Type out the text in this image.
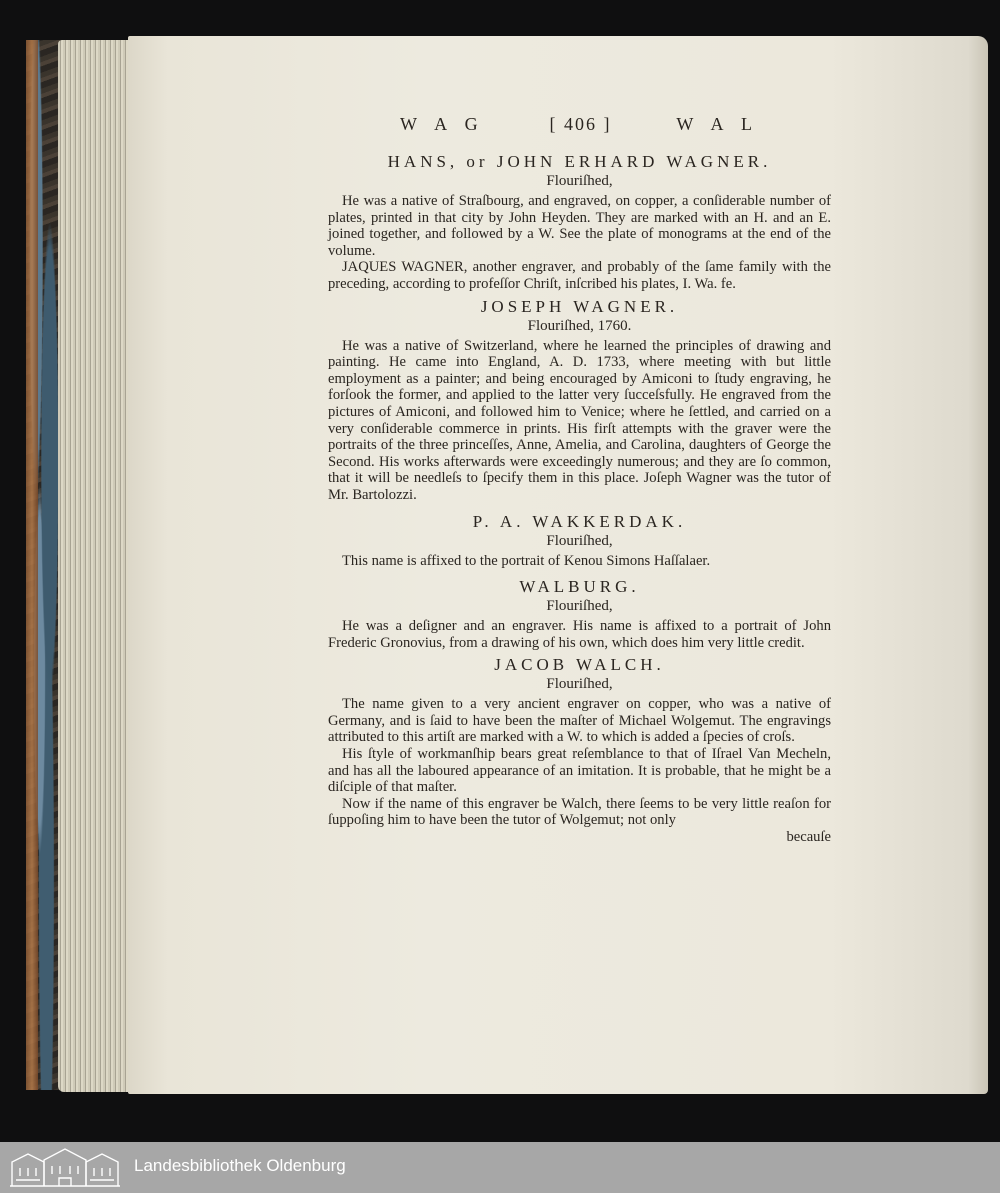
W A G	[ 406 ]	W A L
HANS, or JOHN ERHARD WAGNER.
Flouriſhed,

He was a native of Straſbourg, and engraved, on copper, a conſiderable number of plates, printed in that city by John Heyden. They are marked with an H. and an E. joined together, and followed by a W. See the plate of monograms at the end of the volume.

JAQUES WAGNER, another engraver, and probably of the ſame family with the preceding, according to profeſſor Chriſt, inſcribed his plates, I. Wa. fe.

JOSEPH WAGNER.
Flouriſhed, 1760.

He was a native of Switzerland, where he learned the principles of drawing and painting. He came into England, A. D. 1733, where meeting with but little employment as a painter; and being encouraged by Amiconi to ſtudy engraving, he forſook the former, and applied to the latter very ſucceſsfully. He engraved from the pictures of Amiconi, and followed him to Venice; where he ſettled, and carried on a very conſiderable commerce in prints. His firſt attempts with the graver were the portraits of the three princeſſes, Anne, Amelia, and Carolina, daughters of George the Second. His works afterwards were exceedingly numerous; and they are ſo common, that it will be needleſs to ſpecify them in this place. Joſeph Wagner was the tutor of Mr. Bartolozzi.

P. A. WAKKERDAK.
Flouriſhed,

This name is affixed to the portrait of Kenou Simons Haſſalaer.

WALBURG.
Flouriſhed,

He was a deſigner and an engraver. His name is affixed to a portrait of John Frederic Gronovius, from a drawing of his own, which does him very little credit.

JACOB WALCH.
Flouriſhed,

The name given to a very ancient engraver on copper, who was a native of Germany, and is ſaid to have been the maſter of Michael Wolgemut. The engravings attributed to this artiſt are marked with a W. to which is added a ſpecies of croſs.

His ſtyle of workmanſhip bears great reſemblance to that of Iſrael Van Mecheln, and has all the laboured appearance of an imitation. It is probable, that he might be a diſciple of that maſter.

Now if the name of this engraver be Walch, there ſeems to be very little reaſon for ſuppoſing him to have been the tutor of Wolgemut; not only

becauſe
Landesbibliothek Oldenburg
